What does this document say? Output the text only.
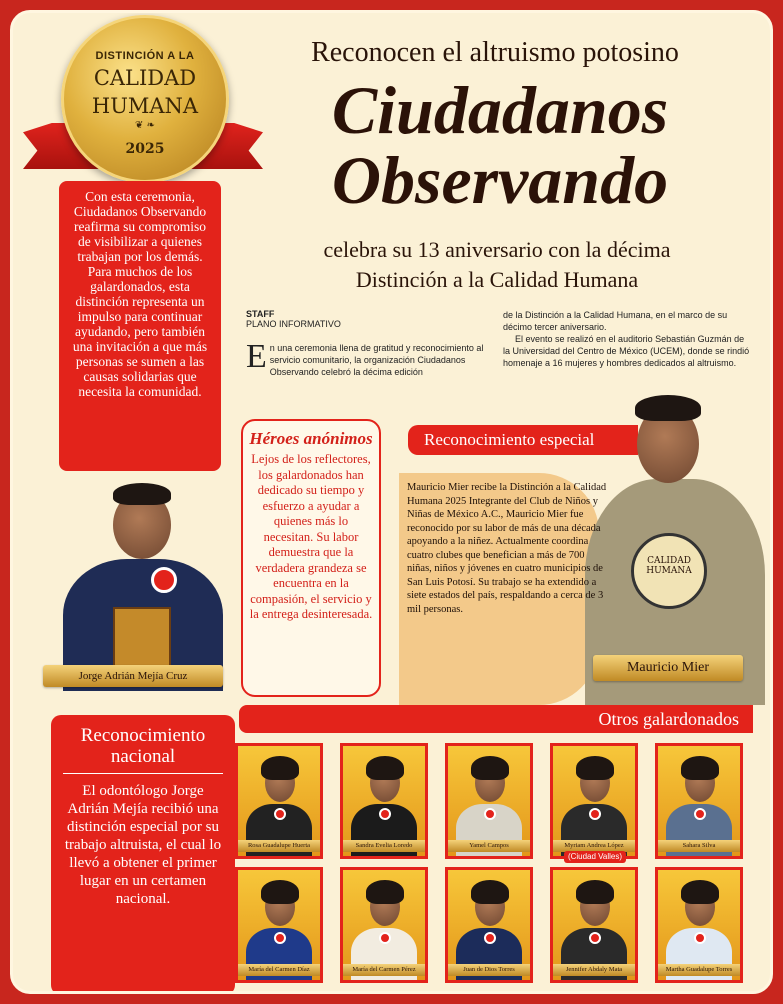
DISTINCIÓN A LA
CALIDAD
HUMANA
❦ ❧
2025
Reconocen el altruismo potosino
Ciudadanos
Observando
celebra su 13 aniversario con la décima
Distinción a la Calidad Humana
Con esta ceremonia, Ciudadanos Observando reafirma su compromiso de visibilizar a quienes trabajan por los demás. Para muchos de los galardonados, esta distinción representa un impulso para continuar ayudando, pero también una invitación a que más personas se sumen a las causas solidarias que necesita la comunidad.
STAFF
PLANO INFORMATIVO
E n una ceremonia llena de gratitud y reconocimiento al servicio comunitario, la organización Ciudadanos Observando celebró la décima edición

de la Distinción a la Calidad Humana, en el marco de su décimo tercer aniversario.

El evento se realizó en el auditorio Sebastián Guzmán de la Universidad del Centro de México (UCEM), donde se rindió homenaje a 16 mujeres y hombres dedicados al altruismo.

Jorge Adrián Mejía Cruz
Héroes anónimos
Lejos de los reflectores, los galardonados han dedicado su tiempo y esfuerzo a ayudar a quienes más lo necesitan. Su labor demuestra que la verdadera grandeza se encuentra en la compasión, el servicio y la entrega desinteresada.
Reconocimiento especial
CALIDAD
HUMANA
Mauricio Mier recibe la Distinción a la Calidad Humana 2025 Integrante del Club de Niños y Niñas de México A.C., Mauricio Mier fue reconocido por su labor de más de una década apoyando a la niñez. Actualmente coordina cuatro clubes que benefician a más de 700 niñas, niños y jóvenes en cuatro municipios de San Luis Potosí. Su trabajo se ha extendido a siete estados del país, respaldando a cerca de 3 mil personas.
Mauricio Mier
Reconocimiento nacional
El odontólogo Jorge Adrián Mejía recibió una distinción especial por su trabajo altruista, el cual lo llevó a obtener el primer lugar en un certamen nacional.
Otros galardonados
Rosa Guadalupe Huerta	Sandra Evelia Loredo	Yamel Campos	Myriam Andrea López	Sahara Silva
María del Carmen Díaz	María del Carmen Pérez	Juan de Dios Torres	Jennifer Abdaly Mata	Martha Guadalupe Torres
(Ciudad Valles)
